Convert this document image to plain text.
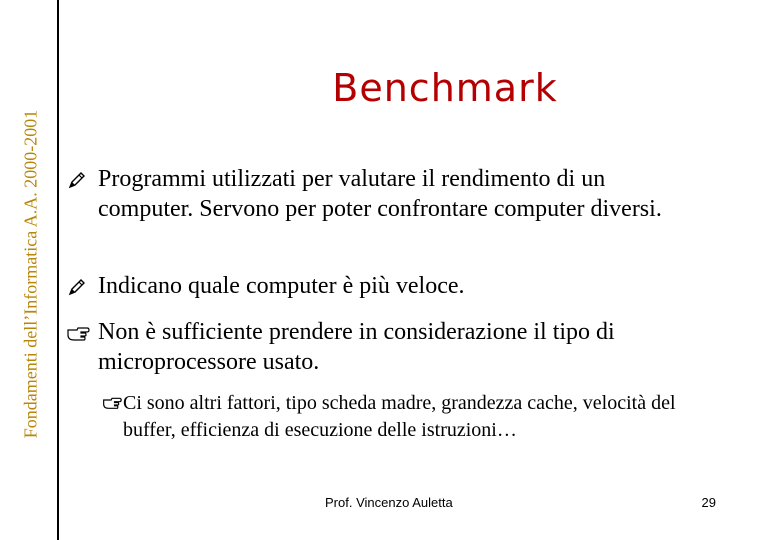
Fondamenti dell’Informatica A.A. 2000-2001
Benchmark
Programmi utilizzati per valutare il rendimento di un computer. Servono per poter confrontare computer diversi.
Indicano quale computer è più veloce.
Non è sufficiente prendere in considerazione il tipo di microprocessore usato.
Ci sono altri fattori, tipo scheda madre, grandezza cache, velocità del buffer, efficienza di esecuzione delle istruzioni…
Prof. Vincenzo Auletta	29
